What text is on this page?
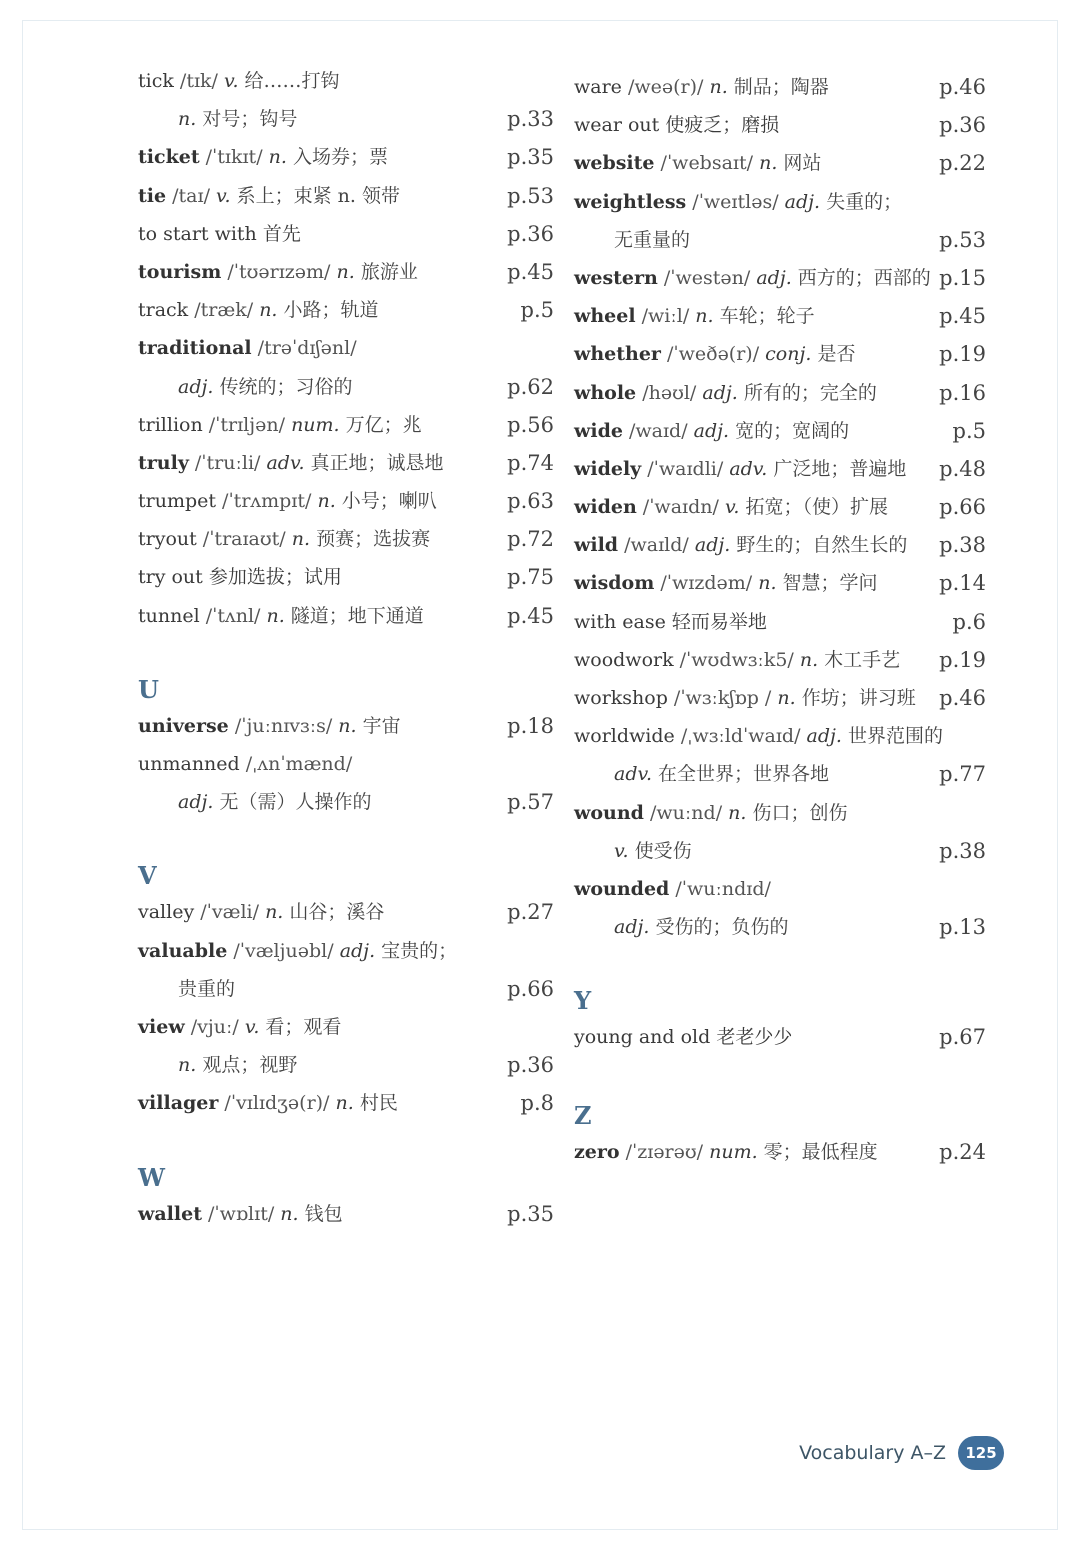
tick /tɪk/ v. 给……打钩
n. 对号；钩号	p.33
ticket /ˈtɪkɪt/ n. 入场券；票	p.35
tie /taɪ/ v. 系上；束紧 n. 领带	p.53
to start with 首先	p.36
tourism /ˈtʊərɪzəm/ n. 旅游业	p.45
track /træk/ n. 小路；轨道	p.5
traditional /trəˈdɪʃənl/
adj. 传统的；习俗的	p.62
trillion /ˈtrɪljən/ num. 万亿；兆	p.56
truly /ˈtruːli/ adv. 真正地；诚恳地	p.74
trumpet /ˈtrʌmpɪt/ n. 小号；喇叭	p.63
tryout /ˈtraɪaʊt/ n. 预赛；选拔赛	p.72
try out 参加选拔；试用	p.75
tunnel /ˈtʌnl/ n. 隧道；地下通道	p.45
U
universe /ˈjuːnɪvɜːs/ n. 宇宙	p.18
unmanned /ˌʌnˈmænd/
adj. 无（需）人操作的	p.57
V
valley /ˈvæli/ n. 山谷；溪谷	p.27
valuable /ˈvæljuəbl/ adj. 宝贵的；
贵重的	p.66
view /vjuː/ v. 看；观看
n. 观点；视野	p.36
villager /ˈvɪlɪdʒə(r)/ n. 村民	p.8
W
wallet /ˈwɒlɪt/ n. 钱包	p.35
ware /weə(r)/ n. 制品；陶器	p.46
wear out 使疲乏；磨损	p.36
website /ˈwebsaɪt/ n. 网站	p.22
weightless /ˈweɪtləs/ adj. 失重的；
无重量的	p.53
western /ˈwestən/ adj. 西方的；西部的 p.15
wheel /wiːl/ n. 车轮；轮子	p.45
whether /ˈweðə(r)/ conj. 是否	p.19
whole /həʊl/ adj. 所有的；完全的	p.16
wide /waɪd/ adj. 宽的；宽阔的	p.5
widely /ˈwaɪdli/ adv. 广泛地；普遍地 p.48
widen /ˈwaɪdn/ v. 拓宽；（使）扩展 p.66
wild /waɪld/ adj. 野生的；自然生长的 p.38
wisdom /ˈwɪzdəm/ n. 智慧；学问	p.14
with ease 轻而易举地	p.6
woodwork /ˈwʊdwɜːk5/ n. 木工手艺 p.19
workshop /ˈwɜːkʃɒp / n. 作坊；讲习班 p.46
worldwide /ˌwɜːldˈwaɪd/ adj. 世界范围的
adv. 在全世界；世界各地	p.77
wound /wuːnd/ n. 伤口；创伤
v. 使受伤	p.38
wounded /ˈwuːndɪd/
adj. 受伤的；负伤的	p.13
Y
young and old 老老少少	p.67
Z
zero /ˈzɪərəʊ/ num. 零；最低程度	p.24
Vocabulary A–Z	125
